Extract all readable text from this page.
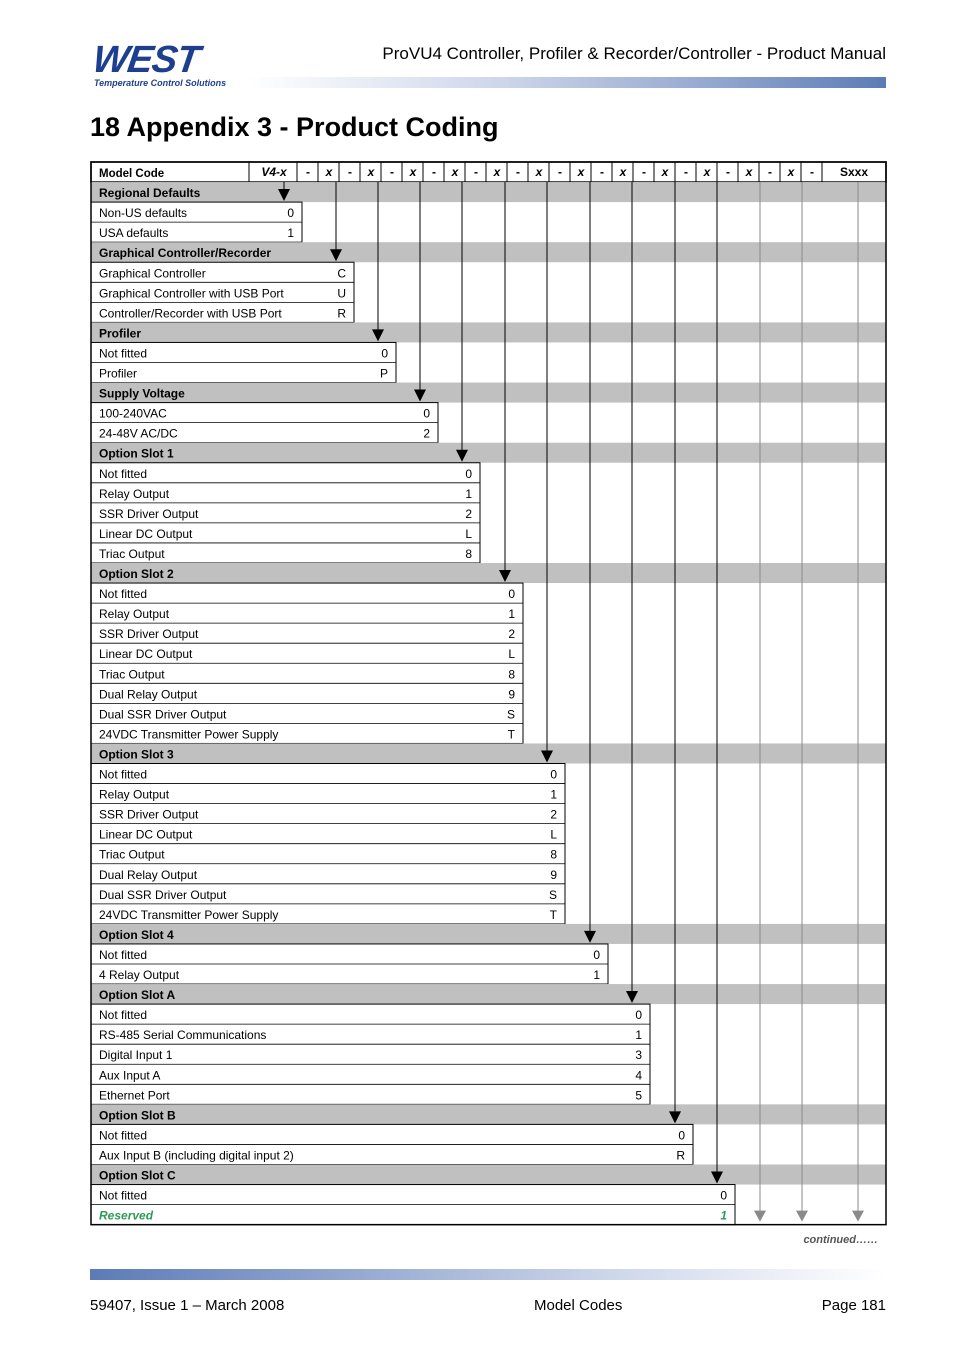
WEST
Temperature Control Solutions
ProVU4 Controller, Profiler & Recorder/Controller - Product Manual
18 Appendix 3 - Product Coding
Model Code	V4-x - x - x - x - x - x - x - x - x - x - x - x - x - Sxxx
Regional Defaults
Non-US defaults	0
USA defaults	1
Graphical Controller/Recorder
Graphical Controller	C
Graphical Controller with USB Port	U
Controller/Recorder with USB Port	R
Profiler
Not fitted	0
Profiler	P
Supply Voltage
100-240VAC	0
24-48V AC/DC	2
Option Slot 1
Not fitted	0
Relay Output	1
SSR Driver Output	2
Linear DC Output	L
Triac Output	8
Option Slot 2
Not fitted	0
Relay Output	1
SSR Driver Output	2
Linear DC Output	L
Triac Output	8
Dual Relay Output	9
Dual SSR Driver Output	S
24VDC Transmitter Power Supply	T
Option Slot 3
Not fitted	0
Relay Output	1
SSR Driver Output	2
Linear DC Output	L
Triac Output	8
Dual Relay Output	9
Dual SSR Driver Output	S
24VDC Transmitter Power Supply	T
Option Slot 4
Not fitted	0
4 Relay Output	1
Option Slot A
Not fitted	0
RS-485 Serial Communications	1
Digital Input 1	3
Aux Input A	4
Ethernet Port	5
Option Slot B
Not fitted	0
Aux Input B (including digital input 2)	R
Option Slot C
Not fitted	0
Reserved	1
continued……
59407, Issue 1 – March 2008	Model Codes	Page 181
